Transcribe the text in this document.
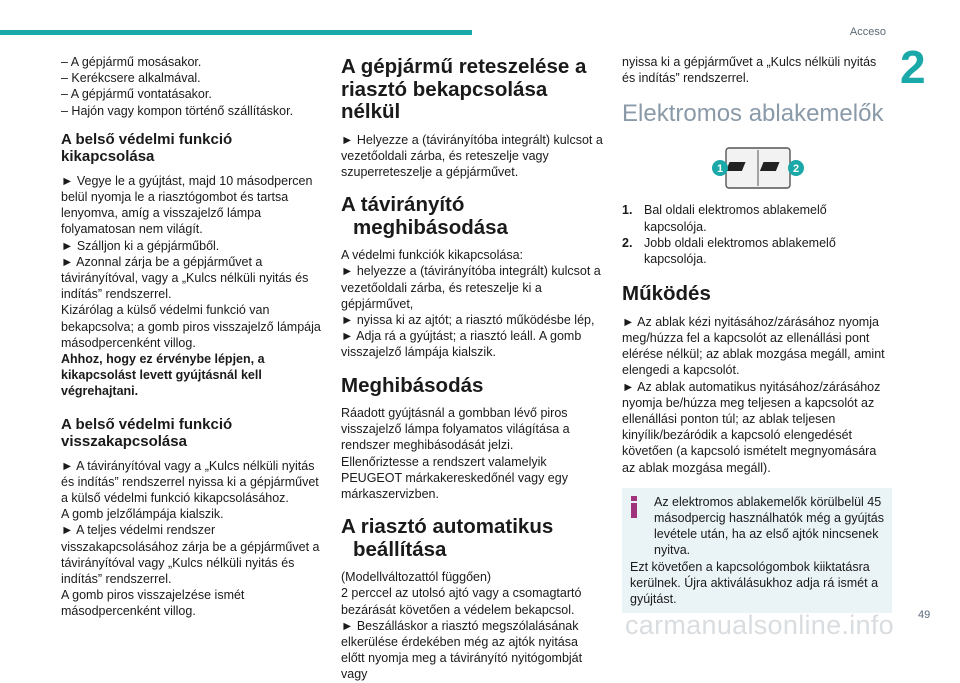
Acceso
2

– A gépjármű mosásakor.

– Kerékcsere alkalmával.

– A gépjármű vontatásakor.

– Hajón vagy kompon történő szállításkor.

A belső védelmi funkció kikapcsolása

► Vegye le a gyújtást, majd 10 másodpercen belül nyomja le a riasztógombot és tartsa lenyomva, amíg a visszajelző lámpa folyamatosan nem világít.

► Szálljon ki a gépjárműből.

► Azonnal zárja be a gépjárművet a távirányítóval, vagy a „Kulcs nélküli nyitás és indítás” rendszerrel.

Kizárólag a külső védelmi funkció van bekapcsolva; a gomb piros visszajelző lámpája másodpercenként villog.

Ahhoz, hogy ez érvénybe lépjen, a kikapcsolást levett gyújtásnál kell végrehajtani.

A belső védelmi funkció visszakapcsolása

► A távirányítóval vagy a „Kulcs nélküli nyitás és indítás” rendszerrel nyissa ki a gépjárművet a külső védelmi funkció kikapcsolásához.

A gomb jelzőlámpája kialszik.

► A teljes védelmi rendszer visszakapcsolásához zárja be a gépjárművet a távirányítóval vagy „Kulcs nélküli nyitás és indítás” rendszerrel.

A gomb piros visszajelzése ismét másodpercenként villog.

A gépjármű reteszelése a
riasztó bekapcsolása nélkül

► Helyezze a (távirányítóba integrált) kulcsot a vezetőoldali zárba, és reteszelje vagy szuperreteszelje a gépjárművet.

A távirányító
meghibásodása

A védelmi funkciók kikapcsolása:

► helyezze a (távirányítóba integrált) kulcsot a vezetőoldali zárba, és reteszelje ki a gépjárművet,

► nyissa ki az ajtót; a riasztó működésbe lép,

► Adja rá a gyújtást; a riasztó leáll. A gomb visszajelző lámpája kialszik.

Meghibásodás

Ráadott gyújtásnál a gombban lévő piros visszajelző lámpa folyamatos világítása a rendszer meghibásodását jelzi.

Ellenőriztesse a rendszert valamelyik PEUGEOT márkakereskedőnél vagy egy márkaszervizben.

A riasztó automatikus
beállítása

(Modellváltozattól függően)

2 perccel az utolsó ajtó vagy a csomagtartó bezárását követően a védelem bekapcsol.

► Beszálláskor a riasztó megszólalásának elkerülése érdekében még az ajtók nyitása előtt nyomja meg a távirányító nyitógombját vagy

nyissa ki a gépjárművet a „Kulcs nélküli nyitás és indítás” rendszerrel.

Elektromos ablakemelők
1	2
1. Bal oldali elektromos ablakemelő kapcsolója.
2. Jobb oldali elektromos ablakemelő kapcsolója.
Működés

► Az ablak kézi nyitásához/zárásához nyomja meg/húzza fel a kapcsolót az ellenállási pont elérése nélkül; az ablak mozgása megáll, amint elengedi a kapcsolót.

► Az ablak automatikus nyitásához/zárásához nyomja be/húzza meg teljesen a kapcsolót az ellenállási ponton túl; az ablak teljesen kinyílik/bezáródik a kapcsoló elengedését követően (a kapcsoló ismételt megnyomására az ablak mozgása megáll).

Az elektromos ablakemelők körülbelül 45 másodpercig használhatók még a gyújtás levétele után, ha az első ajtók nincsenek nyitva.

Ezt követően a kapcsológombok kiiktatásra kerülnek. Újra aktiválásukhoz adja rá ismét a gyújtást.

carmanualsonline.info 49
